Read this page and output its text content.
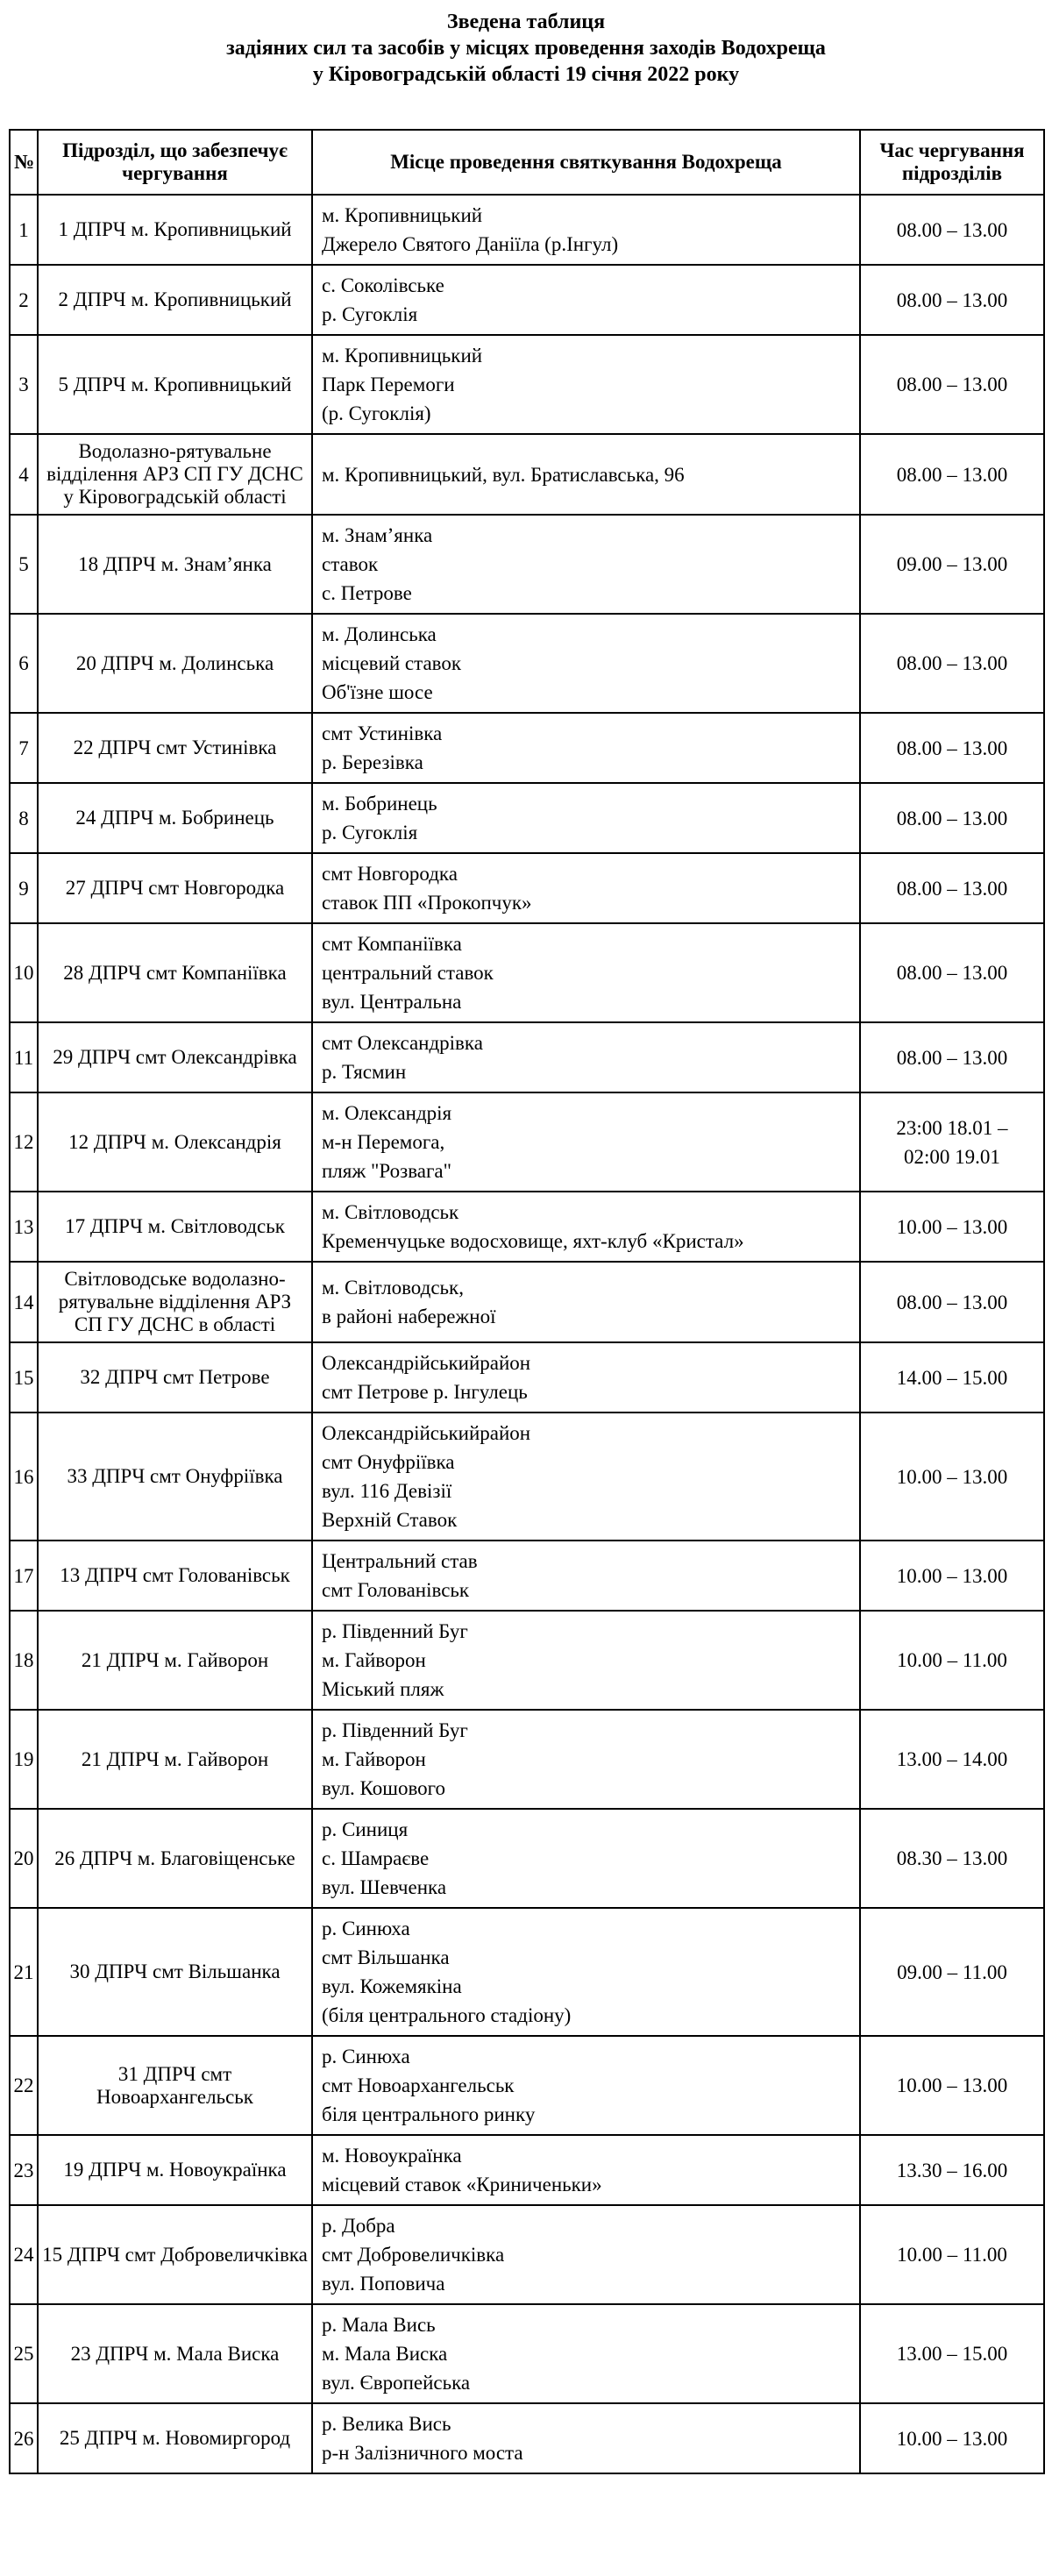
Зведена таблиця
задіяних сил та засобів у місцях проведення заходів Водохреща
у Кіровоградській області 19 січня 2022 року
№	Підрозділ, що забезпечує чергування	Місце проведення святкування Водохреща	Час чергування підрозділів
1	1 ДПРЧ м. Кропивницький	м. Кропивницький
Джерело Святого Даніїла (р.Інгул)	08.00 – 13.00

2	2 ДПРЧ м. Кропивницький	с. Соколівське
р. Сугоклія	08.00 – 13.00

3	5 ДПРЧ м. Кропивницький	м. Кропивницький
Парк Перемоги
(р. Сугоклія)	08.00 – 13.00

4	Водолазно-рятувальне відділення АРЗ СП ГУ ДСНС у Кіровоградській області	м. Кропивницький, вул. Братиславська, 96	08.00 – 13.00

5	18 ДПРЧ м. Знам’янка	м. Знам’янка
ставок
с. Петрове	09.00 – 13.00

6	20 ДПРЧ м. Долинська	м. Долинська
місцевий ставок
Об'їзне шосе	08.00 – 13.00

7	22 ДПРЧ смт Устинівка	смт Устинівка
р. Березівка	08.00 – 13.00

8	24 ДПРЧ м. Бобринець	м. Бобринець
р. Сугоклія	08.00 – 13.00

9	27 ДПРЧ смт Новгородка	смт Новгородка
ставок ПП «Прокопчук»	08.00 – 13.00

10	28 ДПРЧ смт Компаніївка	смт Компаніївка
центральний ставок
вул. Центральна	08.00 – 13.00

11	29 ДПРЧ смт Олександрівка	смт Олександрівка
р. Тясмин	08.00 – 13.00

12	12 ДПРЧ м. Олександрія	м. Олександрія
м-н Перемога,
пляж "Розвага"	23:00 18.01 –
02:00 19.01

13	17 ДПРЧ м. Світловодськ	м. Світловодськ
Кременчуцьке водосховище, яхт-клуб «Кристал»	10.00 – 13.00

14	Світловодське водолазно-рятувальне відділення АРЗ СП ГУ ДСНС в області	м. Світловодськ,
в районі набережної	08.00 – 13.00

15	32 ДПРЧ смт Петрове	Олександрійськийрайон
смт Петрове р. Інгулець	14.00 – 15.00

16	33 ДПРЧ смт Онуфріївка	Олександрійськийрайон
смт Онуфріївка
вул. 116 Девізії
Верхній Ставок	10.00 – 13.00

17	13 ДПРЧ смт Голованівськ	Центральний став
смт Голованівськ	10.00 – 13.00

18	21 ДПРЧ м. Гайворон	р. Південний Буг
м. Гайворон
Міський пляж	10.00 – 11.00

19	21 ДПРЧ м. Гайворон	р. Південний Буг
м. Гайворон
вул. Кошового	13.00 – 14.00

20	26 ДПРЧ м. Благовіщенське	р. Синиця
с. Шамраєве
вул. Шевченка	08.30 – 13.00

21	30 ДПРЧ смт Вільшанка	р. Синюха
смт Вільшанка
вул. Кожемякіна
(біля центрального стадіону)	09.00 – 11.00

22	31 ДПРЧ смт Новоархангельськ	р. Синюха
смт Новоархангельськ
біля центрального ринку	10.00 – 13.00

23	19 ДПРЧ м. Новоукраїнка	м. Новоукраїнка
місцевий ставок «Криниченьки»	13.30 – 16.00

24	15 ДПРЧ смт Добровеличківка	р. Добра
смт Добровеличківка
вул. Поповича	10.00 – 11.00

25	23 ДПРЧ м. Мала Виска	р. Мала Вись
м. Мала Виска
вул. Європейська	13.00 – 15.00

26	25 ДПРЧ м. Новомиргород	р. Велика Вись
р-н Залізничного моста	10.00 – 13.00
